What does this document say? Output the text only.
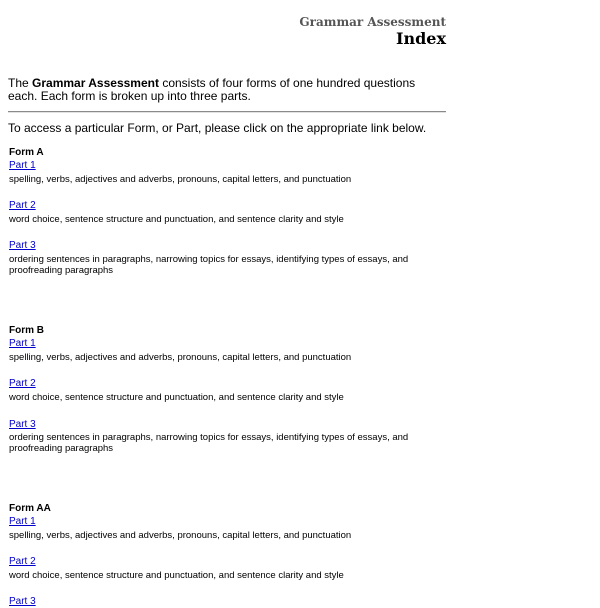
Grammar Assessment
Index
The Grammar Assessment consists of four forms of one hundred questions each. Each form is broken up into three parts.
To access a particular Form, or Part, please click on the appropriate link below.
Form A
Part 1
spelling, verbs, adjectives and adverbs, pronouns, capital letters, and punctuation
Part 2
word choice, sentence structure and punctuation, and sentence clarity and style
Part 3
ordering sentences in paragraphs, narrowing topics for essays, identifying types of essays, and proofreading paragraphs
Form B
Part 1
spelling, verbs, adjectives and adverbs, pronouns, capital letters, and punctuation
Part 2
word choice, sentence structure and punctuation, and sentence clarity and style
Part 3
ordering sentences in paragraphs, narrowing topics for essays, identifying types of essays, and proofreading paragraphs
Form AA
Part 1
spelling, verbs, adjectives and adverbs, pronouns, capital letters, and punctuation
Part 2
word choice, sentence structure and punctuation, and sentence clarity and style
Part 3
